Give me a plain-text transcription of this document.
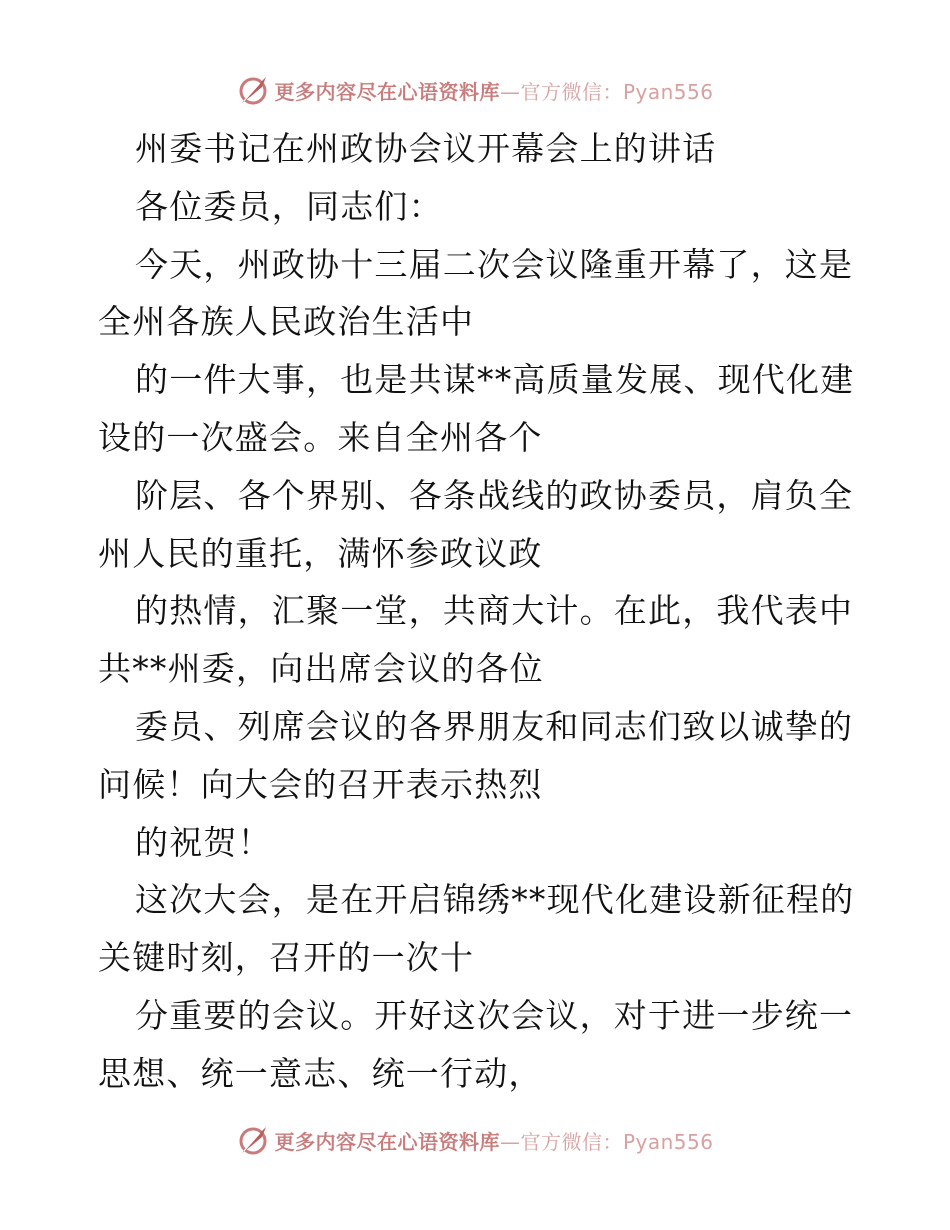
更多内容尽在心语资料库—官方微信：Pyan556
州委书记在州政协会议开幕会上的讲话
各位委员，同志们：
今天，州政协十三届二次会议隆重开幕了，这是
全州各族人民政治生活中
的一件大事，也是共谋**高质量发展、现代化建
设的一次盛会。来自全州各个
阶层、各个界别、各条战线的政协委员，肩负全
州人民的重托，满怀参政议政
的热情，汇聚一堂，共商大计。在此，我代表中
共**州委，向出席会议的各位
委员、列席会议的各界朋友和同志们致以诚挚的
问候！向大会的召开表示热烈
的祝贺！
这次大会，是在开启锦绣**现代化建设新征程的
关键时刻，召开的一次十
分重要的会议。开好这次会议，对于进一步统一
思想、统一意志、统一行动，
更多内容尽在心语资料库—官方微信：Pyan556
